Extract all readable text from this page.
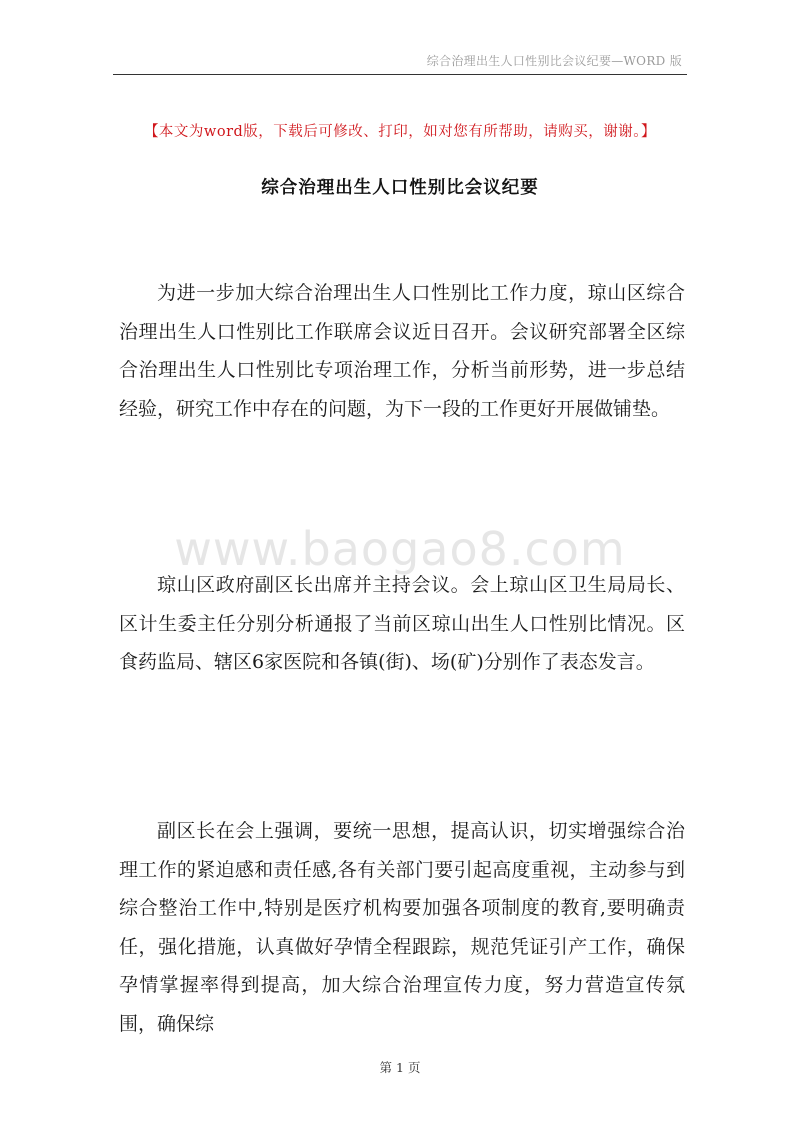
综合治理出生人口性别比会议纪要—WORD 版
【本文为word版，下载后可修改、打印，如对您有所帮助，请购买，谢谢。】
综合治理出生人口性别比会议纪要

为进一步加大综合治理出生人口性别比工作力度，琼山区综合治理出生人口性别比工作联席会议近日召开。会议研究部署全区综合治理出生人口性别比专项治理工作，分析当前形势，进一步总结经验，研究工作中存在的问题，为下一段的工作更好开展做铺垫。

www.baogao8.com

琼山区政府副区长出席并主持会议。会上琼山区卫生局局长、区计生委主任分别分析通报了当前区琼山出生人口性别比情况。区食药监局、辖区6家医院和各镇(街)、场(矿)分别作了表态发言。

副区长在会上强调，要统一思想，提高认识，切实增强综合治理工作的紧迫感和责任感,各有关部门要引起高度重视，主动参与到综合整治工作中,特别是医疗机构要加强各项制度的教育,要明确责任，强化措施，认真做好孕情全程跟踪，规范凭证引产工作，确保孕情掌握率得到提高，加大综合治理宣传力度，努力营造宣传氛围，确保综

第 1 页
